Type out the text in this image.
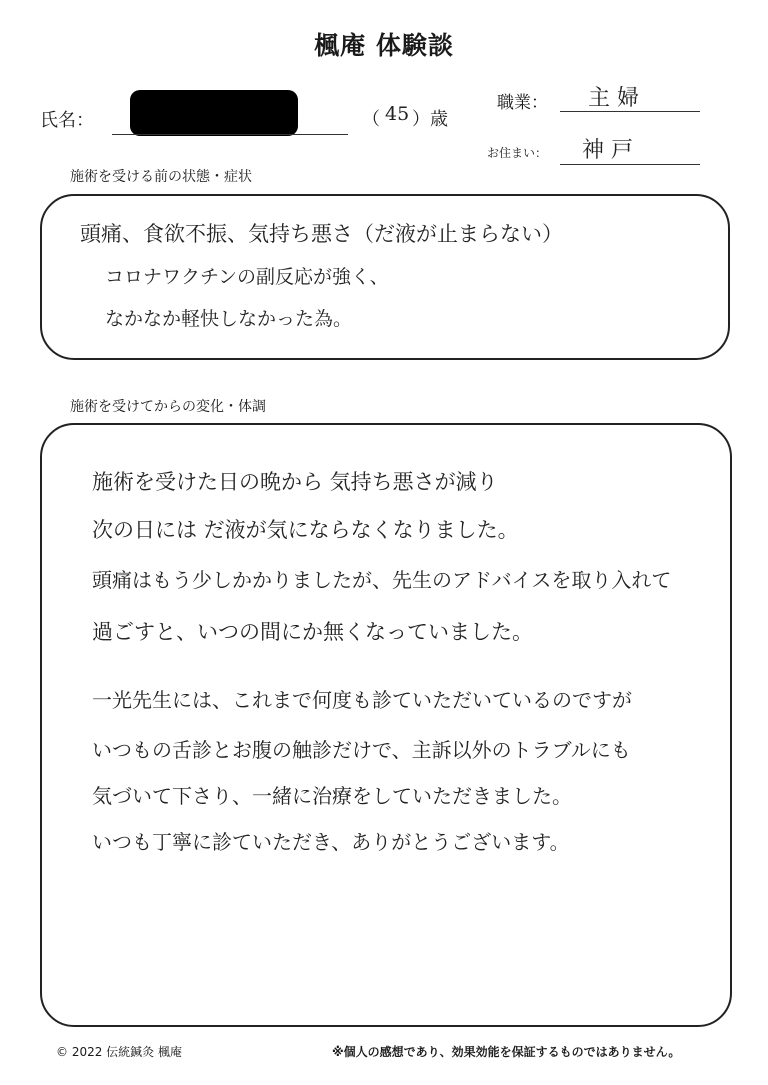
楓庵 体験談
氏名：	（ 45 ）歳
職業： 主 婦
お住まい： 神 戸
施術を受ける前の状態・症状
頭痛、食欲不振、気持ち悪さ（だ液が止まらない）
コロナワクチンの副反応が強く、
なかなか軽快しなかった為。
施術を受けてからの変化・体調
施術を受けた日の晩から 気持ち悪さが減り
次の日には だ液が気にならなくなりました。
頭痛はもう少しかかりましたが、先生のアドバイスを取り入れて
過ごすと、いつの間にか無くなっていました。
一光先生には、これまで何度も診ていただいているのですが
いつもの舌診とお腹の触診だけで、主訴以外のトラブルにも
気づいて下さり、一緒に治療をしていただきました。
いつも丁寧に診ていただき、ありがとうございます。
© 2022 伝統鍼灸 楓庵	※個人の感想であり、効果効能を保証するものではありません。
